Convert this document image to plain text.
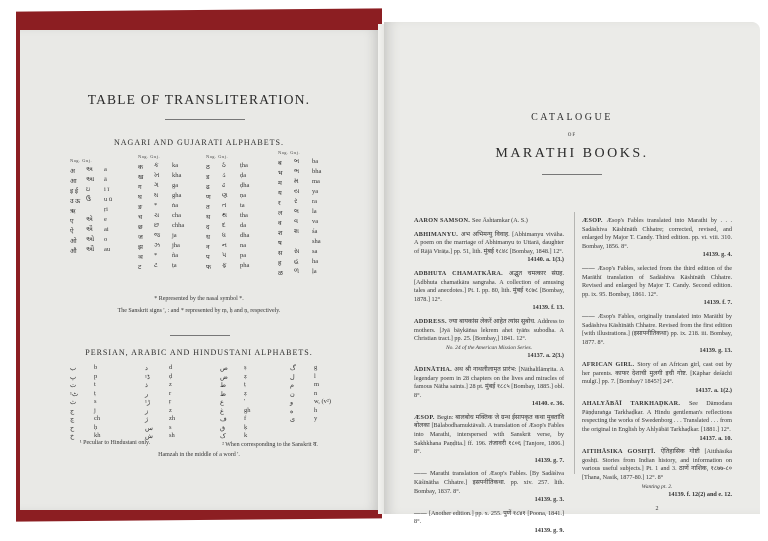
TABLE OF TRANSLITERATION.
NAGARI AND GUJARATI ALPHABETS.
Nag. Guj.
अ અ a
आ આ ā
इ ई ઇ i ī
उ ऊ ઉ u ū
ऋ	ṛi
ए એ e
ऐ ઐ ai
ओ ઓ o
औ ઔ au
Nag. Guj.
क ક ka
ख ખ kha
ग ગ ga
घ ઘ gha
ङ * ṅa
च ચ cha
छ છ chha
ज જ ja
झ ઝ jha
ञ * ña
ट ટ ṭa
Nag. Guj.
ठ ઠ ṭha
ड ડ ḍa
ढ ઢ ḍha
ण ણ ṇa
त ત ta
थ થ tha
द દ da
ध ધ dha
न ન na
प પ pa
फ ફ pha
Nag. Guj.
ब બ ba
भ ભ bha
म મ ma
य ય ya
र ર ra
ल લ la
व વ va
श શ śa
ष	sha
स સ sa
ह હ ha
ळ ળ ḷa
* Represented by the nasal symbol *.
The Sanskrit signs ', : and * represented by ṃ, ḥ and ṇ, respectively.
PERSIAN, ARABIC AND HINDUSTANI ALPHABETS.
ب	b
پ	p
ت	t
ٹ¹ ṭ
ث	s
ج	j
چ	ch
ح	ḥ
خ	kh
د	d
ڈ¹	ḍ
ذ	z
ر	r
ڑ¹	ṛ
ز	z
ژ	zh
س s
ش sh
ص ṣ
ض ẓ
ط	ṭ
ظ	ẓ
ع	'
غ	gh
ف	f
ق	ḳ
ک	k
گ	g
ل	l
م	m
ن	n
و	w, (v²)
ه	h
ی	y
¹ Peculiar to Hindustani only.	² When corresponding to the Sanskrit व.
Hamzah in the middle of a word '.
CATALOGUE
OF
MARATHI BOOKS.
AARON SAMSON. See Āshtamkar (A. S.)
ABHIMANYU. अभ अभिमन्यु विवाह. [Abhimanyu vivāha. A poem on the marriage of Abhimanyu to Uttarā, daughter of Rājā Virāṭa.] pp. 51, lith. मुंबई १८४८ [Bombay, 1848.] 12°.
14140. a. 1(3.)
ADBHUTA CHAMATKĀRA. अद्भुत चमत्कार संग्रह. [Adbhuta chamatkāra sangraha. A collection of amusing tales and anecdotes.] Pt. I. pp. 80, lith. मुंबई १८७८ [Bombay, 1878.] 12°.
14139. f. 13.
ADDRESS. ज्या बायकांस लेकरें आहेत त्यांस सुबोध. Address to mothers. [Jyā bāykāṅsa lekrem ahet tyāṅs subodha. A Christian tract.] pp. 25. [Bombay,] 1841. 12°.
No. 24 of the American Mission Series.
14137. a. 2(3.)
ĀDINĀTHA. अथ श्री नाथलीलामृत प्रारंभ: [Nāthalīlāmṛita. A legendary poem in 28 chapters on the lives and miracles of famous Nātha saints.] 28 pt. मुंबई १८८५ [Bombay, 1885.] obl. 8°.
14140. e. 36.
ÆSOP. Begin: बालबोध मक्तिक जे ग्रन्थ ईसापकृत कथा मुक्तांवि बोलका [Bālabodhamuktāvali. A translation of Æsop's Fables into Marathi, interspersed with Sanskrit verse, by Sakhkhana Paṇḍita.] ff. 196. तंजावरी १८०६ [Tanjore, 1806.] 8°.
14139. g. 7.
—— Marathi translation of Æsop's Fables. [By Sadāśiva Kāśīnātha Chhatre.] इसपनीतिकथा. pp. xiv. 257. lith. Bombay, 1837. 8°.
14139. g. 3.
—— [Another edition.] pp. x. 255. पुणें १८४१ [Poona, 1841.] 8°.
14139. g. 9.
ÆSOP. Æsop's Fables translated into Marathi by . . . Sadāshiva Kāshīnāth Chhatre; corrected, revised, and enlarged by Major T. Candy. Third edition. pp. vi. viii. 310. Bombay, 1856. 8°.
14139. g. 4.
—— Æsop's Fables, selected from the third edition of the Marāthī translation of Sadāshiva Kāshīnāth Chhatre. Revised and enlarged by Major T. Candy. Second edition. pp. ix. 95. Bombay, 1861. 12°.
14139. f. 7.
—— Æsop's Fables, originally translated into Marāthī by Sadāshiva Kāshīnāth Chhatre. Revised from the first edition [with illustrations.] (इसापनीतिकथा) pp. ix. 218. iii. Bombay, 1877. 8°.
14139. g. 13.
AFRICAN GIRL. Story of an African girl, cast out by her parents. काफर देशाची मुलगी इची गोष्ट. [Kāphar deśāchī mulgī.] pp. 7. [Bombay? 1845?] 24°.
14137. a. 1(2.)
AHALYĀBĀĪ TARKHAḌKAR. See Dāmodara Pāṇḍuraṅga Tarkhaḍkar. A Hindu gentleman's reflections respecting the works of Swedenborg . . . Translated . . . from the original in English by Ahlyābāī Tarkhaḍkar. [1881.] 12°.
14137. a. 10.
AITIHĀSIKA GOSHṬĪ. ऐतिहासिक गोष्टी [Aitihāsika goshṭī. Stories from Indian history, and information on various useful subjects.] Pt. 1 and 3. ठाणें नाशिक, १८७७-८० [Thana, Nasik, 1877-80.] 12°. 8°
Wanting pt. 2.
14139. f. 12(2) and e. 12.
2
